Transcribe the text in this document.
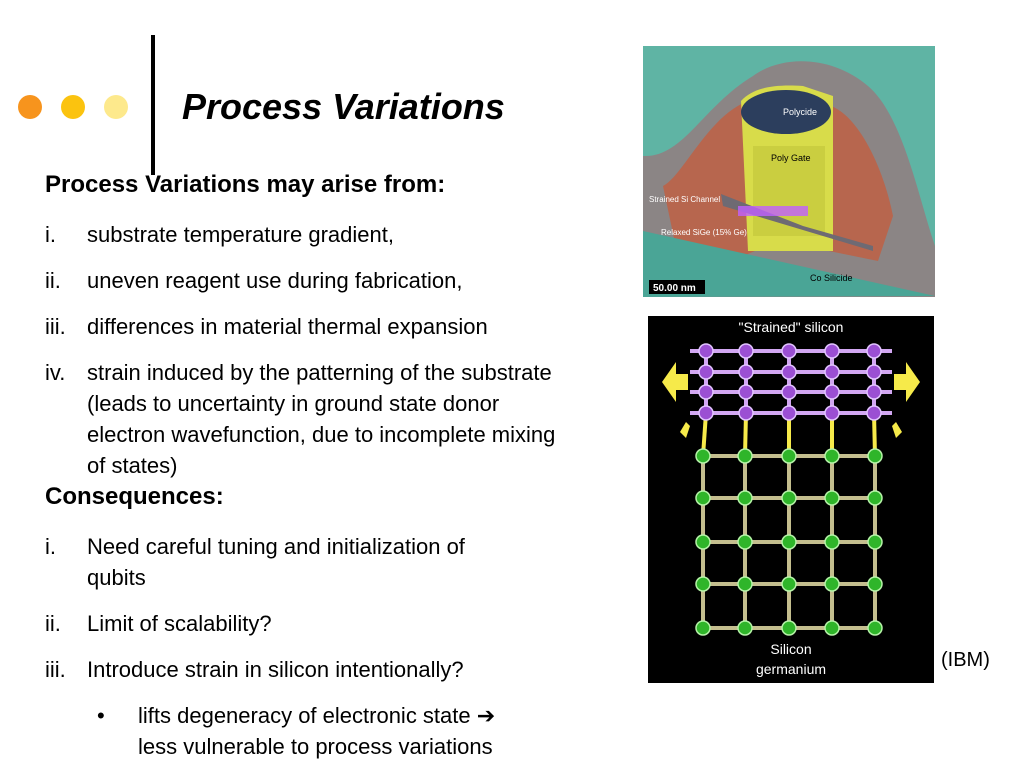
Process Variations
Process Variations may arise from:
i. substrate temperature gradient,
ii. uneven reagent use during fabrication,
iii. differences in material thermal expansion
iv. strain induced by the patterning of the substrate
(leads to uncertainty in ground state donor
electron wavefunction, due to incomplete mixing
of states)
Consequences:
i. Need careful tuning and initialization of
qubits
ii. Limit of scalability?
iii. Introduce strain in silicon intentionally?
• lifts degeneracy of electronic state ➔
less vulnerable to process variations
Polycide
Poly Gate
Strained Si Channel
Relaxed SiGe (15% Ge)
Co Silicide
50.00 nm
"Strained" silicon
Silicon
germanium	(IBM)
